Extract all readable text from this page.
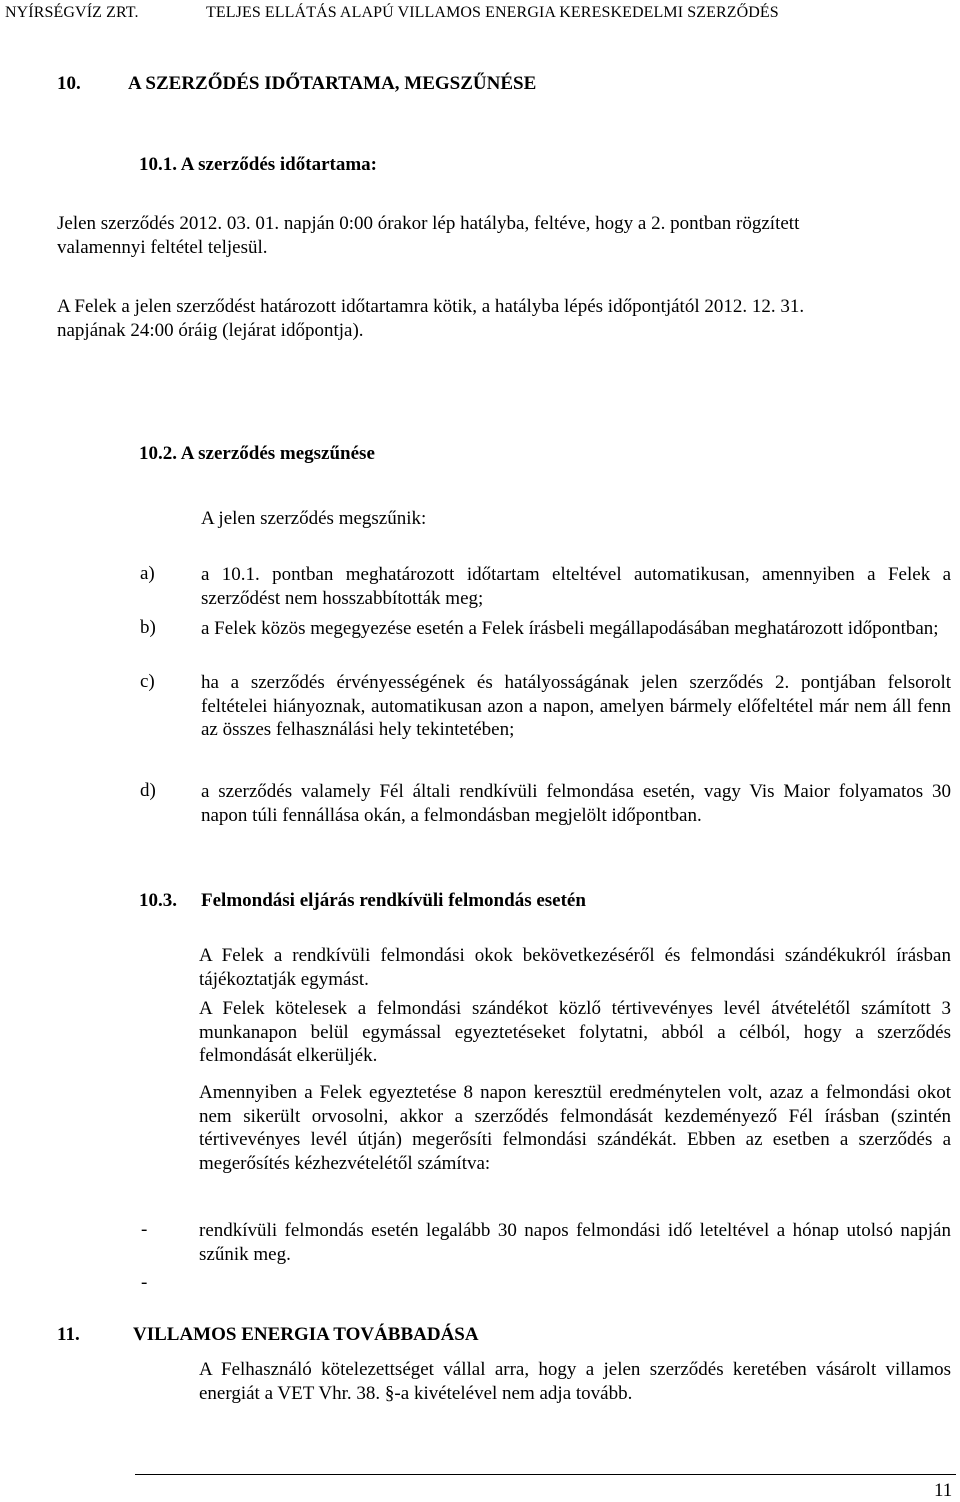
NYÍRSÉGVÍZ ZRT.	TELJES ELLÁTÁS ALAPÚ VILLAMOS ENERGIA KERESKEDELMI SZERZŐDÉS
10. A SZERZŐDÉS IDŐTARTAMA, MEGSZŰNÉSE
10.1. A szerződés időtartama:
Jelen szerződés 2012. 03. 01. napján 0:00 órakor lép hatályba, feltéve, hogy a 2. pontban rögzített
valamennyi feltétel teljesül.
A Felek a jelen szerződést határozott időtartamra kötik, a hatályba lépés időpontjától 2012. 12. 31.
napjának 24:00 óráig (lejárat időpontja).
10.2. A szerződés megszűnése
A jelen szerződés megszűnik:
a) a 10.1. pontban meghatározott időtartam elteltével automatikusan, amennyiben a Felek a szerződést nem hosszabbították meg;
b) a Felek közös megegyezése esetén a Felek írásbeli megállapodásában meghatározott időpontban;
c) ha a szerződés érvényességének és hatályosságának jelen szerződés 2. pontjában felsorolt feltételei hiányoznak, automatikusan azon a napon, amelyen bármely előfeltétel már nem áll fenn az összes felhasználási hely tekintetében;
d) a szerződés valamely Fél általi rendkívüli felmondása esetén, vagy Vis Maior folyamatos 30 napon túli fennállása okán, a felmondásban megjelölt időpontban.
10.3. Felmondási eljárás rendkívüli felmondás esetén
A Felek a rendkívüli felmondási okok bekövetkezéséről és felmondási szándékukról írásban tájékoztatják egymást.
A Felek kötelesek a felmondási szándékot közlő tértivevényes levél átvételétől számított 3 munkanapon belül egymással egyeztetéseket folytatni, abból a célból, hogy a szerződés felmondását elkerüljék.
Amennyiben a Felek egyeztetése 8 napon keresztül eredménytelen volt, azaz a felmondási okot nem sikerült orvosolni, akkor a szerződés felmondását kezdeményező Fél írásban (szintén tértivevényes levél útján) megerősíti felmondási szándékát. Ebben az esetben a szerződés a megerősítés kézhezvételétől számítva:
-	rendkívüli felmondás esetén legalább 30 napos felmondási idő leteltével a hónap utolsó napján szűnik meg.
-
11.	VILLAMOS ENERGIA TOVÁBBADÁSA
A Felhasználó kötelezettséget vállal arra, hogy a jelen szerződés keretében vásárolt villamos energiát a VET Vhr. 38. §-a kivételével nem adja tovább.
11
